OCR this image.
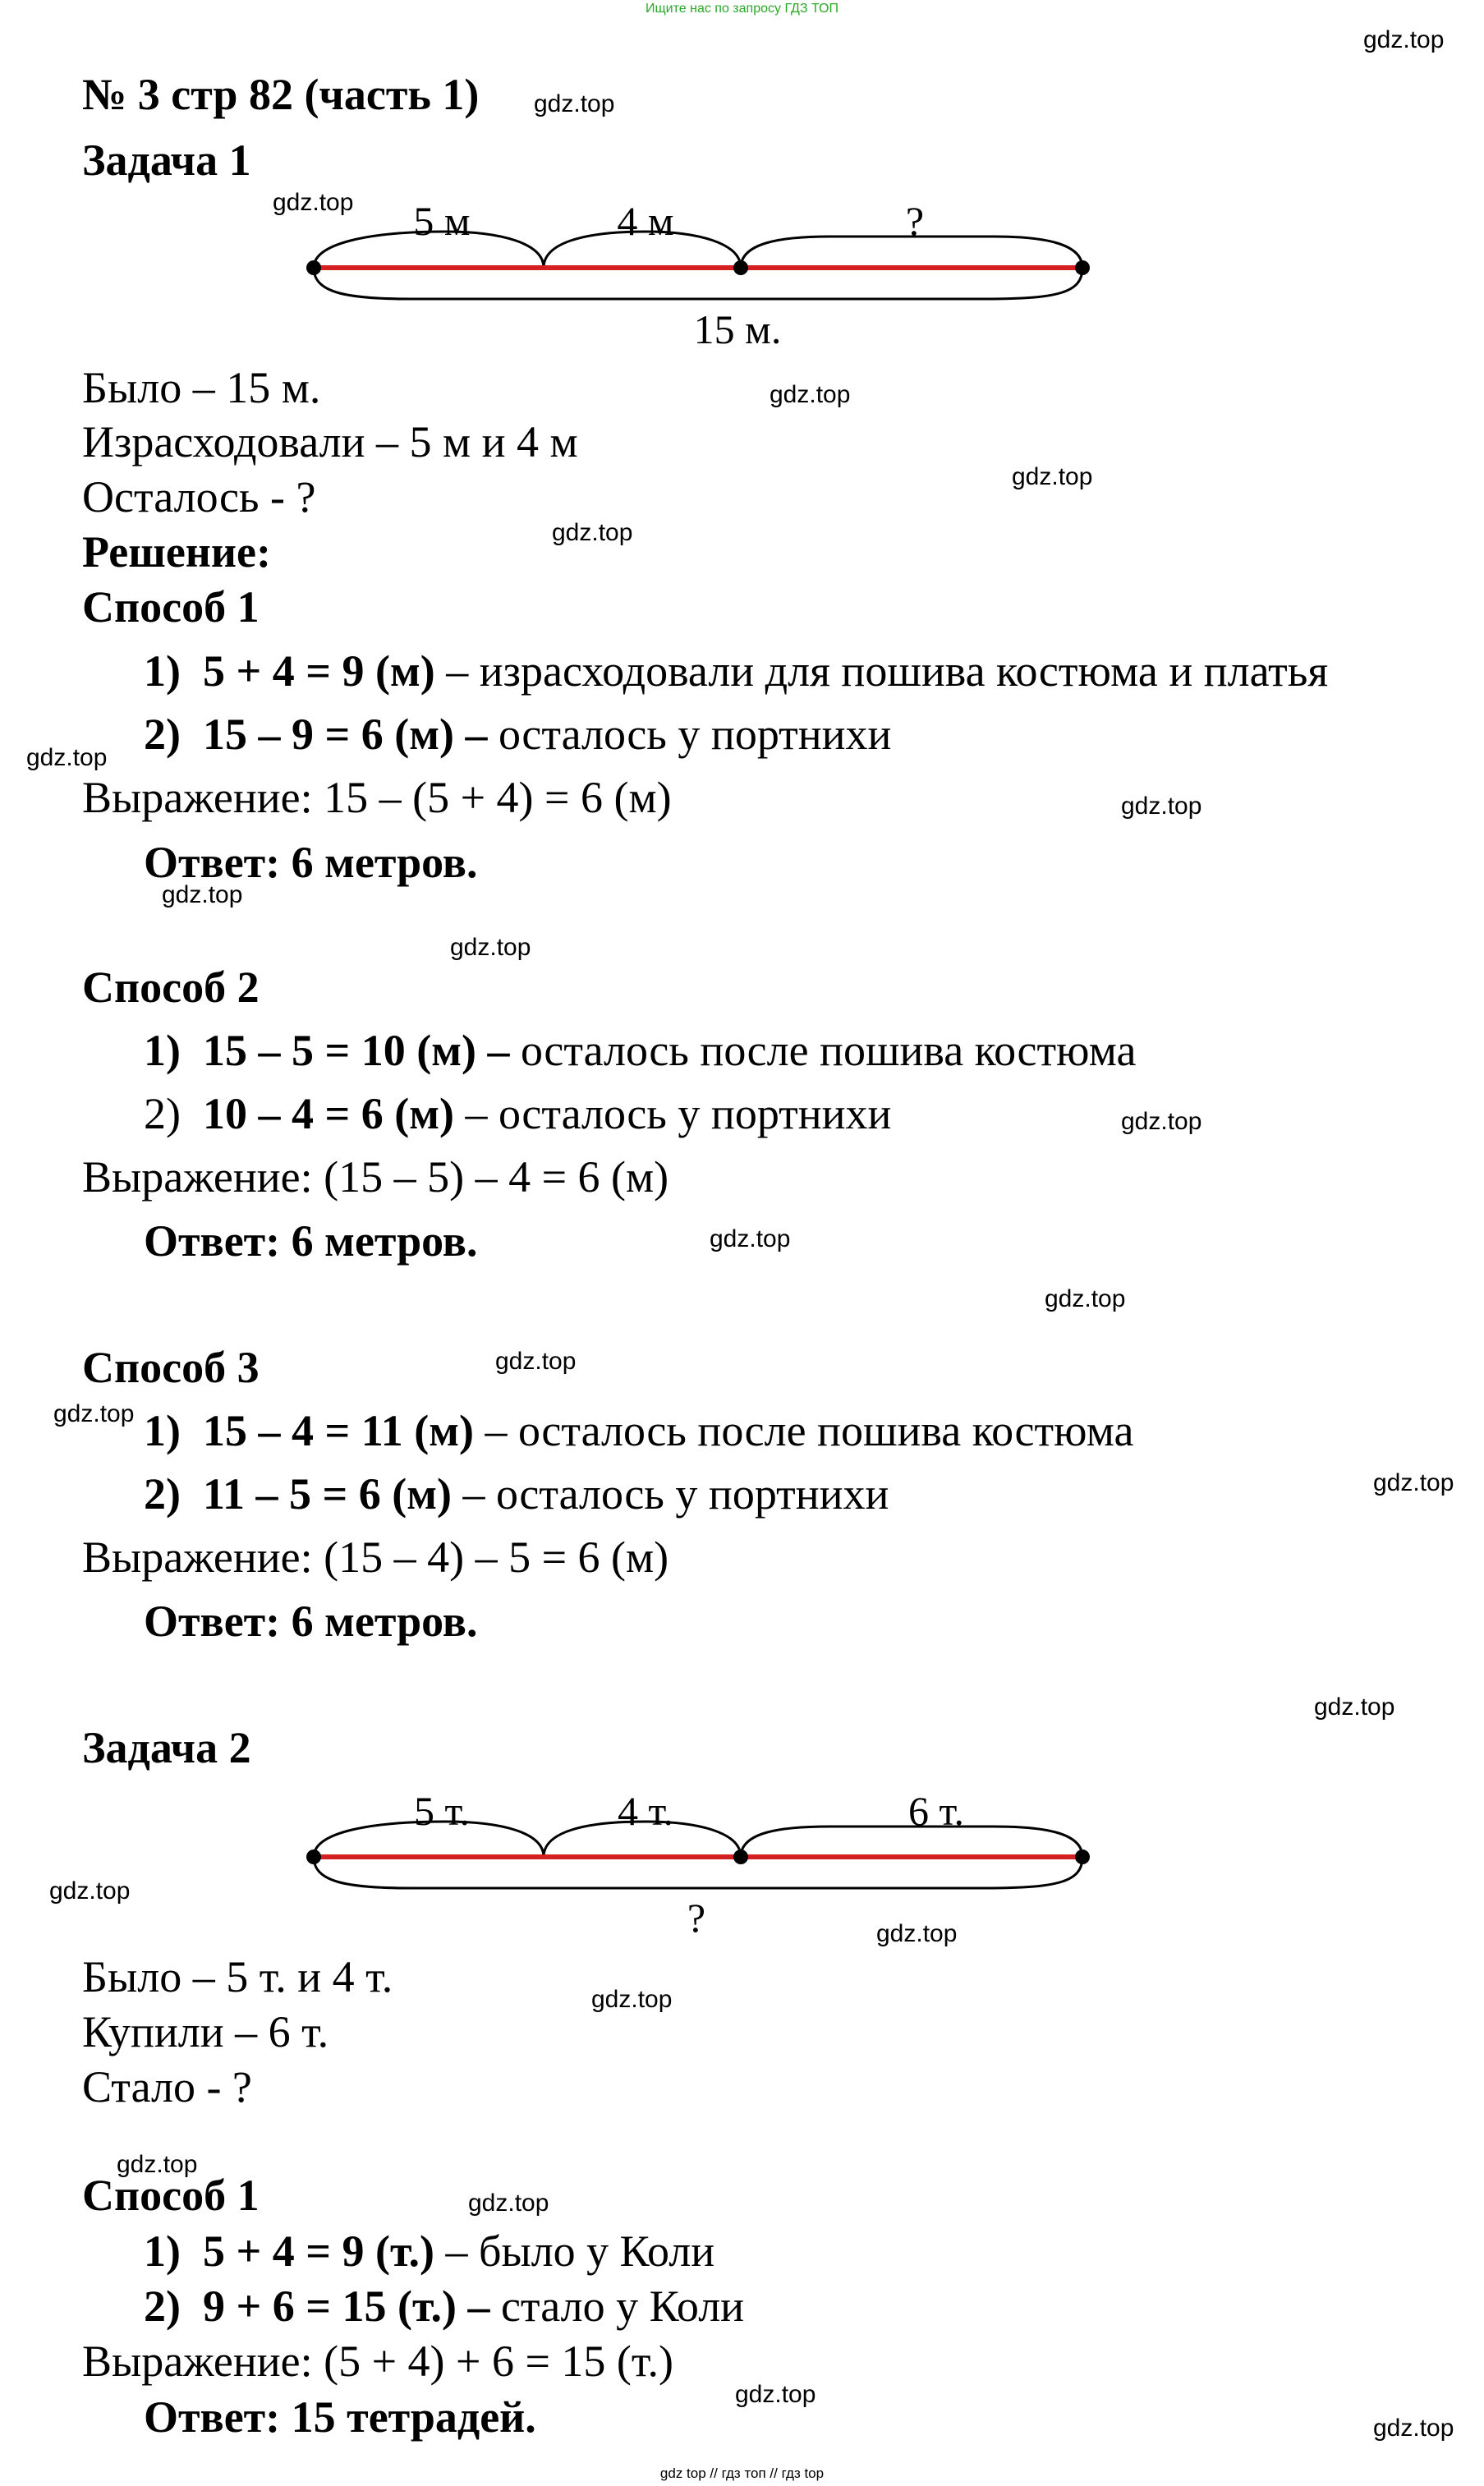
Ищите нас по запросу ГДЗ ТОП
№ 3 стр 82 (часть 1)
Задача 1
5 м	4 м	?
15 м.
Было – 15 м.
Израсходовали – 5 м и 4 м
Осталось - ?
Решение:
Способ 1
1) 5 + 4 = 9 (м) – израсходовали для пошива костюма и платья
2) 15 – 9 = 6 (м) – осталось у портнихи
Выражение: 15 – (5 + 4) = 6 (м)
Ответ: 6 метров.
Способ 2
1) 15 – 5 = 10 (м) – осталось после пошива костюма
2) 10 – 4 = 6 (м) – осталось у портнихи
Выражение: (15 – 5) – 4 = 6 (м)
Ответ: 6 метров.
Способ 3
1) 15 – 4 = 11 (м) – осталось после пошива костюма
2) 11 – 5 = 6 (м) – осталось у портнихи
Выражение: (15 – 4) – 5 = 6 (м)
Ответ: 6 метров.
Задача 2
5 т.	4 т.	6 т.
?
Было – 5 т. и 4 т.
Купили – 6 т.
Стало - ?
Способ 1
1) 5 + 4 = 9 (т.) – было у Коли
2) 9 + 6 = 15 (т.) – стало у Коли
Выражение: (5 + 4) + 6 = 15 (т.)
Ответ: 15 тетрадей.
gdz.top
gdz.top
gdz.top
gdz.top
gdz.top
gdz.top
gdz.top
gdz.top
gdz.top
gdz.top
gdz.top
gdz.top
gdz.top
gdz.top
gdz.top
gdz.top
gdz.top
gdz.top
gdz.top
gdz.top
gdz.top
gdz.top
gdz.top
gdz.top
gdz top // гдз топ // гдз top
